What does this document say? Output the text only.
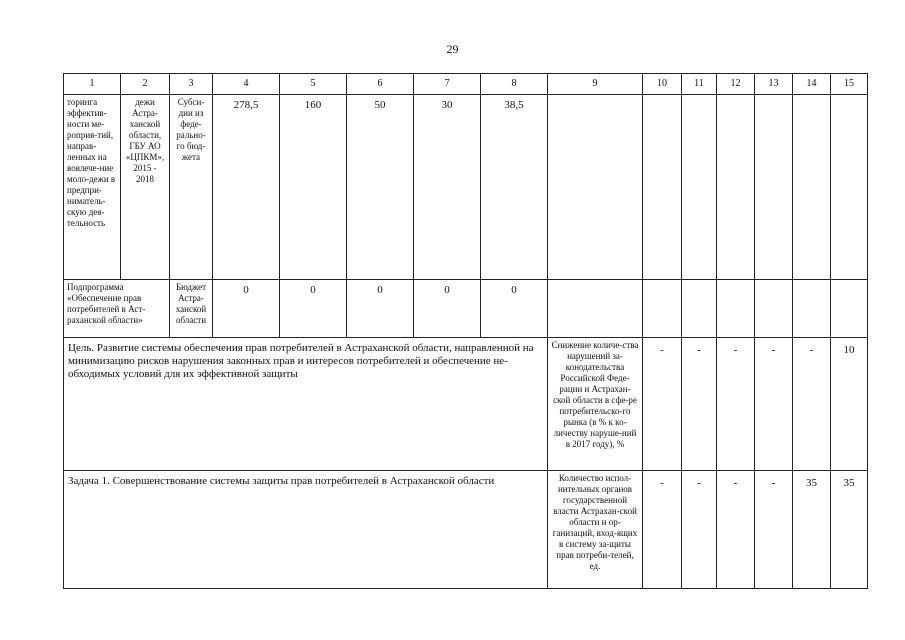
29
1	2	3	4	5	6	7	8	9	10	11	12	13	14	15
торинга эффектив-ности ме-роприя-тий, направ-ленных на вовлече-ние моло-дежи в предпри-ниматель-скую дея-тельность	дежи Астра-ханской области, ГБУ АО «ЦПКМ», 2015 - 2018	Субси-дии из феде-рально-го бюд-жета	278,5	160	50	30	38,5							
Подпрограмма «Обеспечение прав потребителей в Аст-раханской области»		Бюджет Астра-ханской области	0	0	0	0	0							
Цель. Развитие системы обеспечения прав потребителей в Астраханской области, направленной на минимизацию рисков нарушения законных прав и интересов потребителей и обеспечение не-обходимых условий для их эффективной защиты								Снижение количе-ства нарушений за-конодательства Российской Феде-рации и Астрахан-ской области в сфе-ре потребительско-го рынка (в % к ко-личеству наруше-ний в 2017 году), %	-	-	-	-	-	10
Задача 1. Совершенствование системы защиты прав потребителей в Астраханской области								Количество испол-нительных органов государственной власти Астрахан-ской области и ор-ганизаций, вход-ящих в систему за-щиты прав потреби-телей, ед.	-	-	-	-	35	35
